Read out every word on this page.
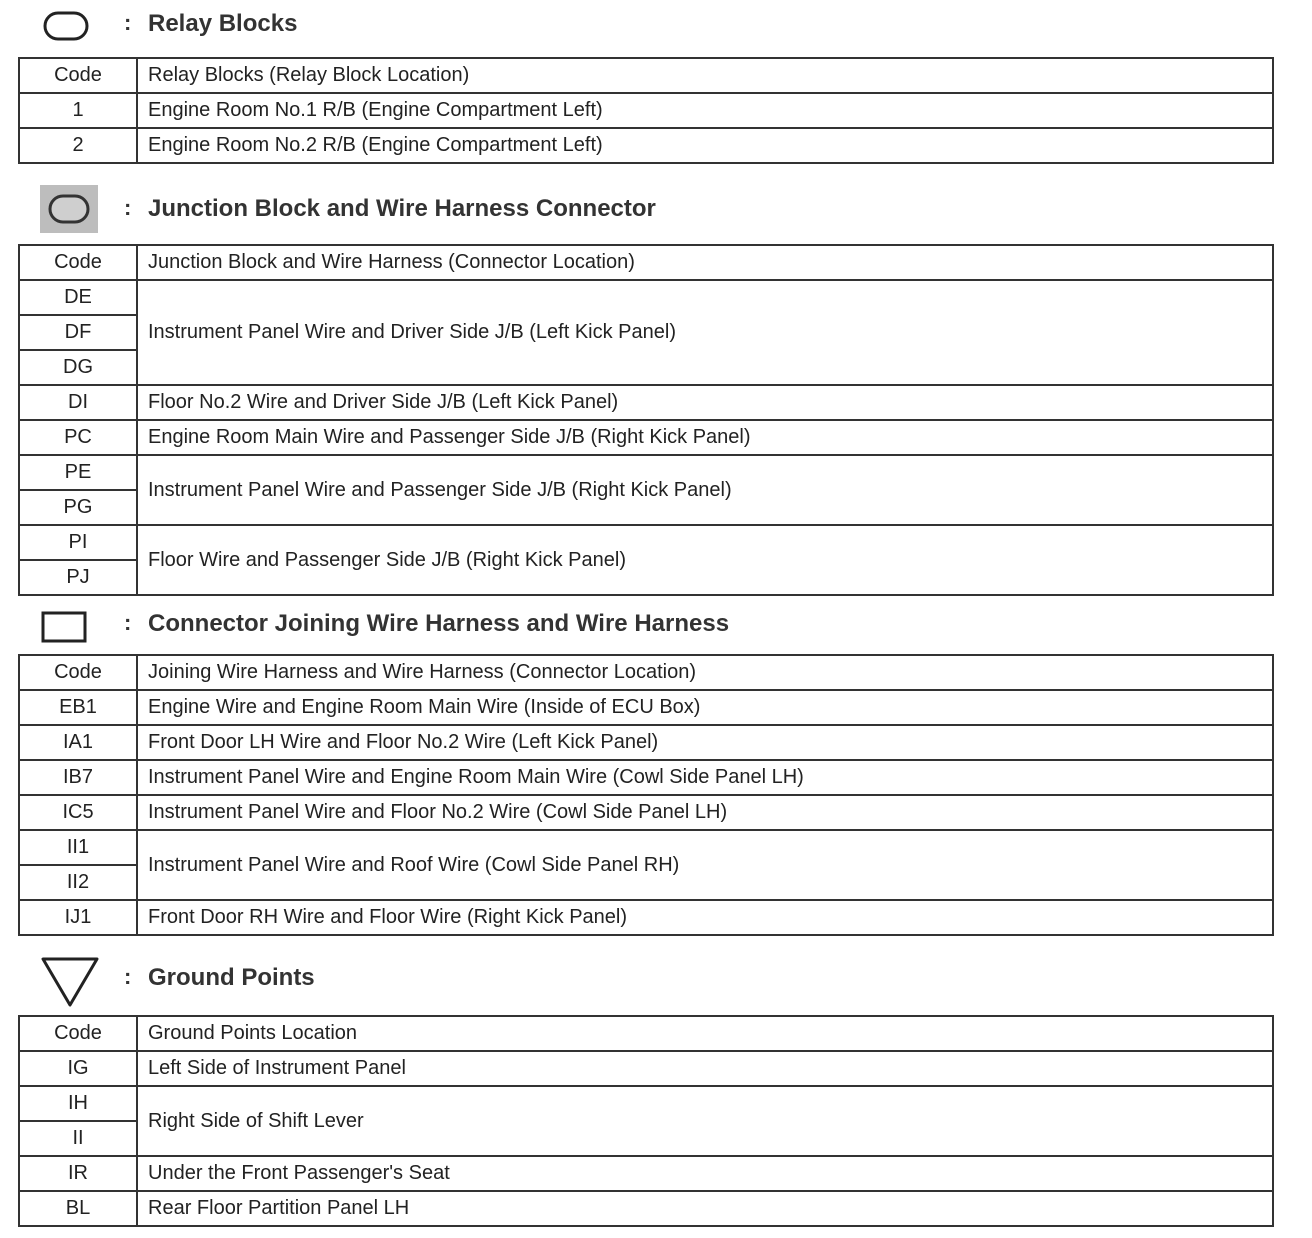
: Relay Blocks
Code	Relay Blocks (Relay Block Location)
1	Engine Room No.1 R/B (Engine Compartment Left)
2	Engine Room No.2 R/B (Engine Compartment Left)
: Junction Block and Wire Harness Connector
Code	Junction Block and Wire Harness (Connector Location)
DE	Instrument Panel Wire and Driver Side J/B (Left Kick Panel)
DF	
DG	
DI	Floor No.2 Wire and Driver Side J/B (Left Kick Panel)
PC	Engine Room Main Wire and Passenger Side J/B (Right Kick Panel)
PE	Instrument Panel Wire and Passenger Side J/B (Right Kick Panel)
PG	
PI	Floor Wire and Passenger Side J/B (Right Kick Panel)
PJ	
: Connector Joining Wire Harness and Wire Harness
Code	Joining Wire Harness and Wire Harness (Connector Location)
EB1	Engine Wire and Engine Room Main Wire (Inside of ECU Box)
IA1	Front Door LH Wire and Floor No.2 Wire (Left Kick Panel)
IB7	Instrument Panel Wire and Engine Room Main Wire (Cowl Side Panel LH)
IC5	Instrument Panel Wire and Floor No.2 Wire (Cowl Side Panel LH)
II1	Instrument Panel Wire and Roof Wire (Cowl Side Panel RH)
II2	
IJ1	Front Door RH Wire and Floor Wire (Right Kick Panel)
: Ground Points
Code	Ground Points Location
IG	Left Side of Instrument Panel
IH	Right Side of Shift Lever
II	
IR	Under the Front Passenger's Seat
BL	Rear Floor Partition Panel LH
